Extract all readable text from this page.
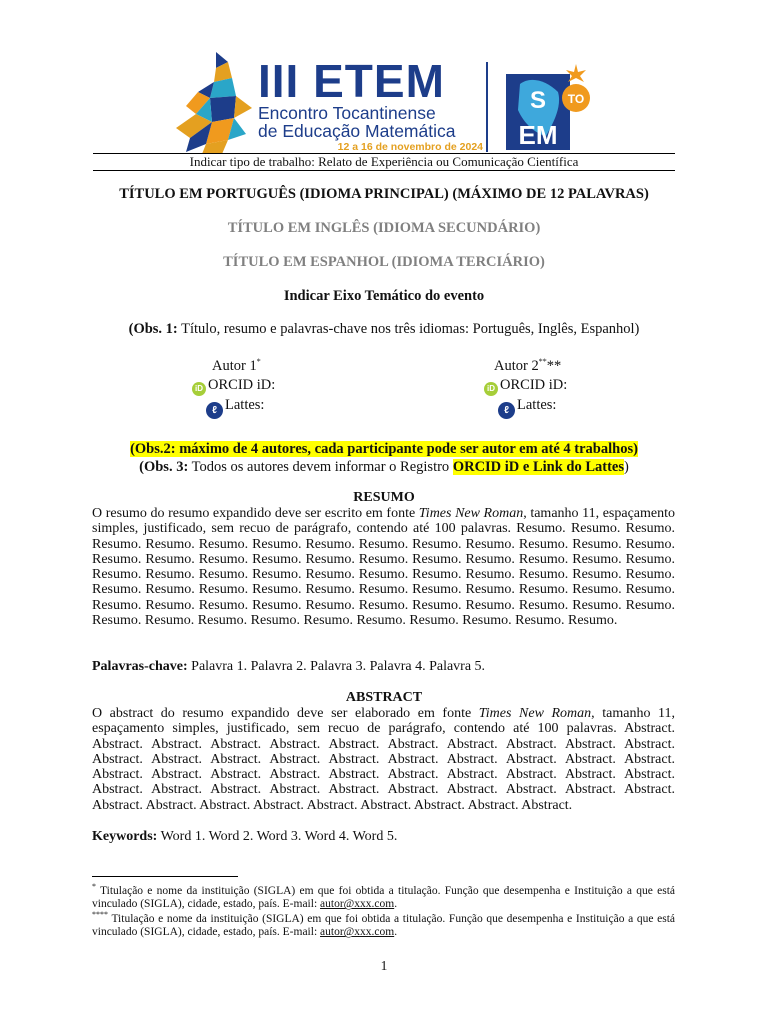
III ETEM
Encontro Tocantinense
de Educação Matemática
12 a 16 de novembro de 2024
S
EM
TO
Indicar tipo de trabalho: Relato de Experiência ou Comunicação Científica
TÍTULO EM PORTUGUÊS (IDIOMA PRINCIPAL) (MÁXIMO DE 12 PALAVRAS)
TÍTULO EM INGLÊS (IDIOMA SECUNDÁRIO)
TÍTULO EM ESPANHOL (IDIOMA TERCIÁRIO)
Indicar Eixo Temático do evento
(Obs. 1: Título, resumo e palavras-chave nos três idiomas: Português, Inglês, Espanhol)
Autor 1*
iD ORCID iD:
ℓ Lattes:
Autor 2****
iD ORCID iD:
ℓ Lattes:
(Obs.2: máximo de 4 autores, cada participante pode ser autor em até 4 trabalhos)
(Obs. 3: Todos os autores devem informar o Registro ORCID iD e Link do Lattes)
RESUMO
O resumo do resumo expandido deve ser escrito em fonte Times New Roman, tamanho 11, espaçamento simples, justificado, sem recuo de parágrafo, contendo até 100 palavras. Resumo. Resumo. Resumo. Resumo. Resumo. Resumo. Resumo. Resumo. Resumo. Resumo. Resumo. Resumo. Resumo. Resumo. Resumo. Resumo. Resumo. Resumo. Resumo. Resumo. Resumo. Resumo. Resumo. Resumo. Resumo. Resumo. Resumo. Resumo. Resumo. Resumo. Resumo. Resumo. Resumo. Resumo. Resumo. Resumo. Resumo. Resumo. Resumo. Resumo. Resumo. Resumo. Resumo. Resumo. Resumo. Resumo. Resumo. Resumo. Resumo. Resumo. Resumo. Resumo. Resumo. Resumo. Resumo. Resumo. Resumo. Resumo. Resumo. Resumo. Resumo. Resumo. Resumo. Resumo. Resumo. Resumo. Resumo. Resumo.
Palavras-chave: Palavra 1. Palavra 2. Palavra 3. Palavra 4. Palavra 5.
ABSTRACT
O abstract do resumo expandido deve ser elaborado em fonte Times New Roman, tamanho 11, espaçamento simples, justificado, sem recuo de parágrafo, contendo até 100 palavras. Abstract. Abstract. Abstract. Abstract. Abstract. Abstract. Abstract. Abstract. Abstract. Abstract. Abstract. Abstract. Abstract. Abstract. Abstract. Abstract. Abstract. Abstract. Abstract. Abstract. Abstract. Abstract. Abstract. Abstract. Abstract. Abstract. Abstract. Abstract. Abstract. Abstract. Abstract. Abstract. Abstract. Abstract. Abstract. Abstract. Abstract. Abstract. Abstract. Abstract. Abstract. Abstract. Abstract. Abstract. Abstract. Abstract. Abstract. Abstract. Abstract. Abstract.
Keywords: Word 1. Word 2. Word 3. Word 4. Word 5.
* Titulação e nome da instituição (SIGLA) em que foi obtida a titulação. Função que desempenha e Instituição a que está vinculado (SIGLA), cidade, estado, país. E-mail: autor@xxx.com.
**** Titulação e nome da instituição (SIGLA) em que foi obtida a titulação. Função que desempenha e Instituição a que está vinculado (SIGLA), cidade, estado, país. E-mail: autor@xxx.com.
1
